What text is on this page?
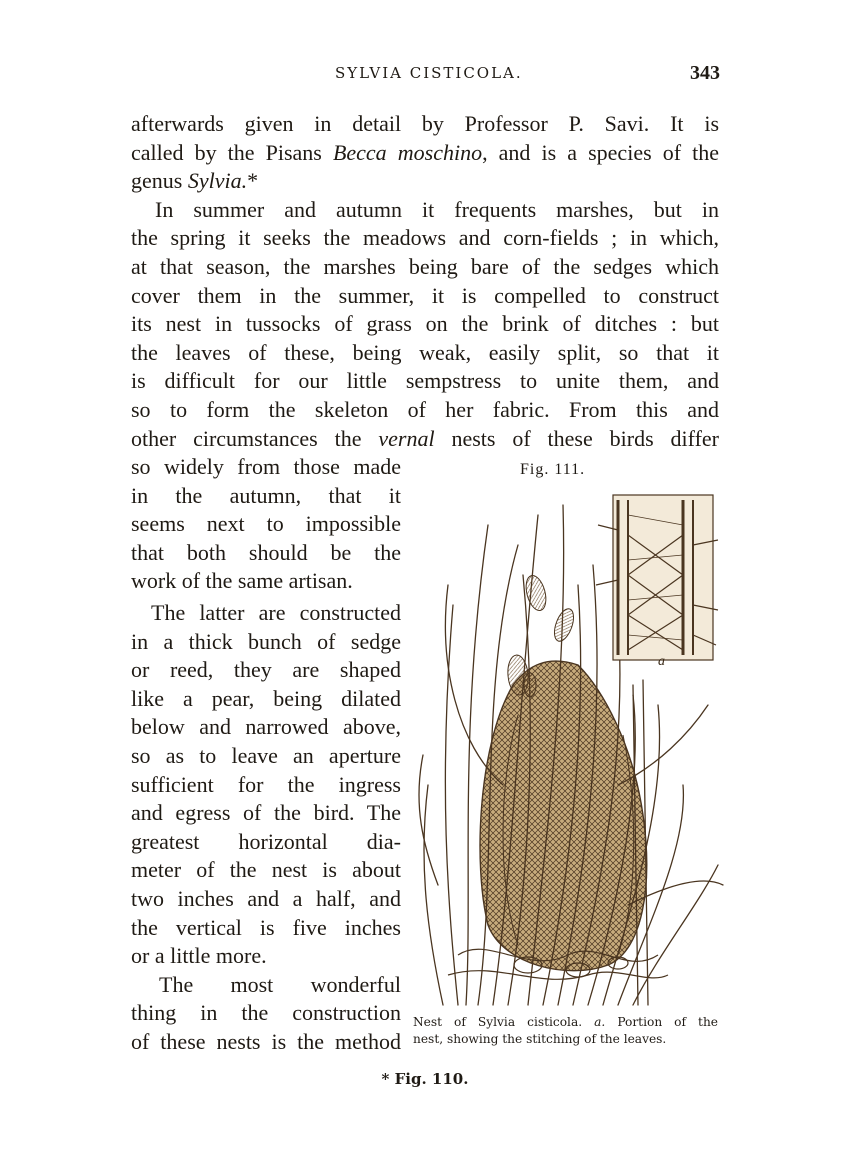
SYLVIA CISTICOLA.	343
afterwards given in detail by Professor P. Savi. It is
called by the Pisans Becca moschino, and is a species of the
genus Sylvia.*
In summer and autumn it frequents marshes, but in
the spring it seeks the meadows and corn-fields ; in which,
at that season, the marshes being bare of the sedges which
cover them in the summer, it is compelled to construct
its nest in tussocks of grass on the brink of ditches : but
the leaves of these, being weak, easily split, so that it
is difficult for our little sempstress to unite them, and
so to form the skeleton of her fabric. From this and
other circumstances the vernal nests of these birds differ
so widely from those made
in the autumn, that it
seems next to impossible
that both should be the
work of the same artisan.
The latter are constructed
in a thick bunch of sedge
or reed, they are shaped
like a pear, being dilated
below and narrowed above,
so as to leave an aperture
sufficient for the ingress
and egress of the bird. The
greatest horizontal dia-
meter of the nest is about
two inches and a half, and
the vertical is five inches
or a little more.
The most wonderful
thing in the construction
of these nests is the method
Fig. 111.
a
Nest of Sylvia cisticola. a. Portion of the
nest, showing the stitching of the leaves.
* Fig. 110.
